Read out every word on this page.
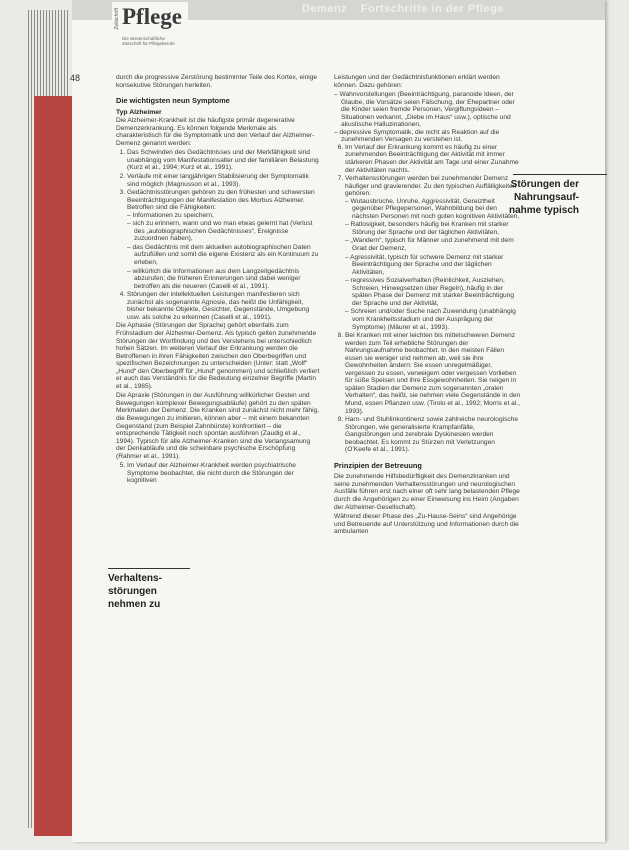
Demenz Fortschritte in der Pflege
Zeitschrift Pflege
Die wissenschaftliche Zeitschrift für Pflegeberufe
48	durch die progressive Zerstörung bestimmter Teile des Kortex, einige konsekutive Störungen herleiten.

Die wichtigsten neun Symptome
Typ Alzheimer

Die Alzheimer-Krankheit ist die häufigste primär degenerative Demenzerkrankung. Es können folgende Merkmale als charakteristisch für die Symptomatik und den Verlauf der Alzheimer-Demenz genannt werden:

1. Das Schwinden des Gedächtnisses und der Merkfähigkeit sind unabhängig vom Manifestationsalter und der familiären Belastung (Kurz et al., 1994; Kurz et al., 1991).
2. Verläufe mit einer langjährigen Stabilisierung der Symptomatik sind möglich (Magnusson et al., 1993).
3. Gedächtnisstörungen gehören zu den frühesten und schwersten Beeinträchtigungen der Manifestation des Morbus Alzheimer. Betroffen sind die Fähigkeiten:
– Informationen zu speichern,
– sich zu erinnern, wann und wo man etwas gelernt hat (Verlust des „autobiographischen Gedächtnisses“, Ereignisse zuzuordnen haben),
– das Gedächtnis mit dem aktuellen autobiographischen Daten aufzufüllen und somit die eigene Existenz als ein Kontinuum zu erleben,
– willkürlich die Informationen aus dem Langzeitgedächtnis abzurufen; die früheren Erinnerungen sind dabei weniger betroffen als die neueren (Caselli et al., 1991).
4. Störungen der intellektuellen Leistungen manifestieren sich zunächst als sogenannte Agnosie, das heißt die Unfähigkeit, bisher bekannte Objekte, Gesichter, Gegenstände, Umgebung usw. als solche zu erkennen (Caselli et al., 1991).

Die Aphasie (Störungen der Sprache) gehört ebenfalls zum Frühstadium der Alzheimer-Demenz. Als typisch gelten zunehmende Störungen der Wortfindung und des Verstehens bei unterschiedlich hohen Sätzen. Im weiteren Verlauf der Erkrankung werden die Betroffenen in ihren Fähigkeiten zwischen den Oberbegriffen und spezifischen Bezeichnungen zu unterscheiden (Unter: statt „Wolf“ „Hund“ den Oberbegriff für „Hund“ genommen) und schließlich verliert er auch das Verständnis für die Bedeutung einzelner Begriffe (Martin et al., 1985).

Die Apraxie (Störungen in der Ausführung willkürlicher Gesten und Bewegungen komplexer Bewegungsabläufe) gehört zu den späten Merkmalen der Demenz. Die Kranken sind zunächst nicht mehr fähig, die Bewegungen zu imitieren, können aber – mit einem bekannten Gegenstand (zum Beispiel Zahnbürste) konfrontiert – die entsprechende Tätigkeit noch spontan ausführen (Zaudig et al., 1994). Typisch für alle Alzheimer-Kranken sind die Verlangsamung der Denkabläufe und die scheinbare psychische Erschöpfung (Rahmer et al., 1991).

5. Im Verlauf der Alzheimer-Krankheit werden psychiatrische Symptome beobachtet, die nicht durch die Störungen der kognitiven

Leistungen und der Gedächtnisfunktionen erklärt werden können. Dazu gehören:

– Wahnvorstellungen (Beeinträchtigung, paranoide Ideen, der Glaube, die Vorsätze seien Fälschung, der Ehepartner oder die Kinder seien fremde Personen, Vergiftungsideen – Situationen verkannt, „Diebe im Haus“ usw.), optische und akustische Halluzinationen,
– depressive Symptomatik, die nicht als Reaktion auf die zunehmenden Versagen zu verstehen ist.
6. Im Verlauf der Erkrankung kommt es häufig zu einer zunehmenden Beeinträchtigung der Aktivität mit immer stärkeren Phasen der Aktivität am Tage und einer Zunahme der Aktivitäten nachts.
7. Verhaltensstörungen werden bei zunehmender Demenz häufiger und gravierender. Zu den typischen Auffälligkeiten gehören:
– Wutausbrüche, Unruhe, Aggressivität, Gereiztheit gegenüber Pflegepersonen, Wahnbildung bei den nächsten Personen mit noch guten kognitiven Aktivitäten,
– Ratlosigkeit, besonders häufig bei Kranken mit starker Störung der Sprache und der täglichen Aktivitäten,
– „Wandern“, typisch für Männer und zunehmend mit dem Grad der Demenz,
– Agressivität, typisch für schwere Demenz mit starker Beeinträchtigung der Sprache und der täglichen Aktivitäten,
– regressives Sozialverhalten (Reinlichkeit, Ausziehen, Schreien, Hinwegsetzen über Regeln), häufig in der späten Phase der Demenz mit starker Beeinträchtigung der Sprache und der Aktivität,
– Schreien und/oder Suche nach Zuwendung (unabhängig vom Krankheitsstadium und der Ausprägung der Symptome) (Mäurer et al., 1993).
8. Bei Kranken mit einer leichten bis mittelschweren Demenz werden zum Teil erhebliche Störungen der Nahrungsaufnahme beobachtet. In den meisten Fällen essen sie weniger und nehmen ab, weil sie ihre Gewohnheiten ändern: Sie essen unregelmäßiger, vergessen zu essen, verweigern oder vergessen Vorlieben für süße Speisen und ihre Essgewohnheiten. Sie neigen in späten Stadien der Demenz zum sogenannten „oralen Verhalten“, das heißt, sie nehmen viele Gegenstände in den Mund, essen Pflanzen usw. (Tirolo et al., 1992; Morris et al., 1993).
9. Harn- und Stuhlinkontinenz sowie zahlreiche neurologische Störungen, wie generalisierte Krampfanfälle, Gangstörungen und zerebrale Dyskinesien werden beobachtet. Es kommt zu Stürzen mit Verletzungen (O’Keefe et al., 1991).
Prinzipien der Betreuung

Die zunehmende Hilfsbedürftigkeit des Demenzkranken und seine zunehmenden Verhaltensstörungen und neurologischen Ausfälle führen erst nach einer oft sehr lang belastenden Pflege durch die Angehörigen zu einer Einweisung ins Heim (Angaben der Alzheimer-Gesellschaft).

Während dieser Phase des „Zu-Hause-Seins“ sind Angehörige und Betreuende auf Unterstützung und Informationen durch die ambulanten

Verhaltens-
störungen
nehmen zu
Störungen der
Nahrungsauf-
nahme typisch
